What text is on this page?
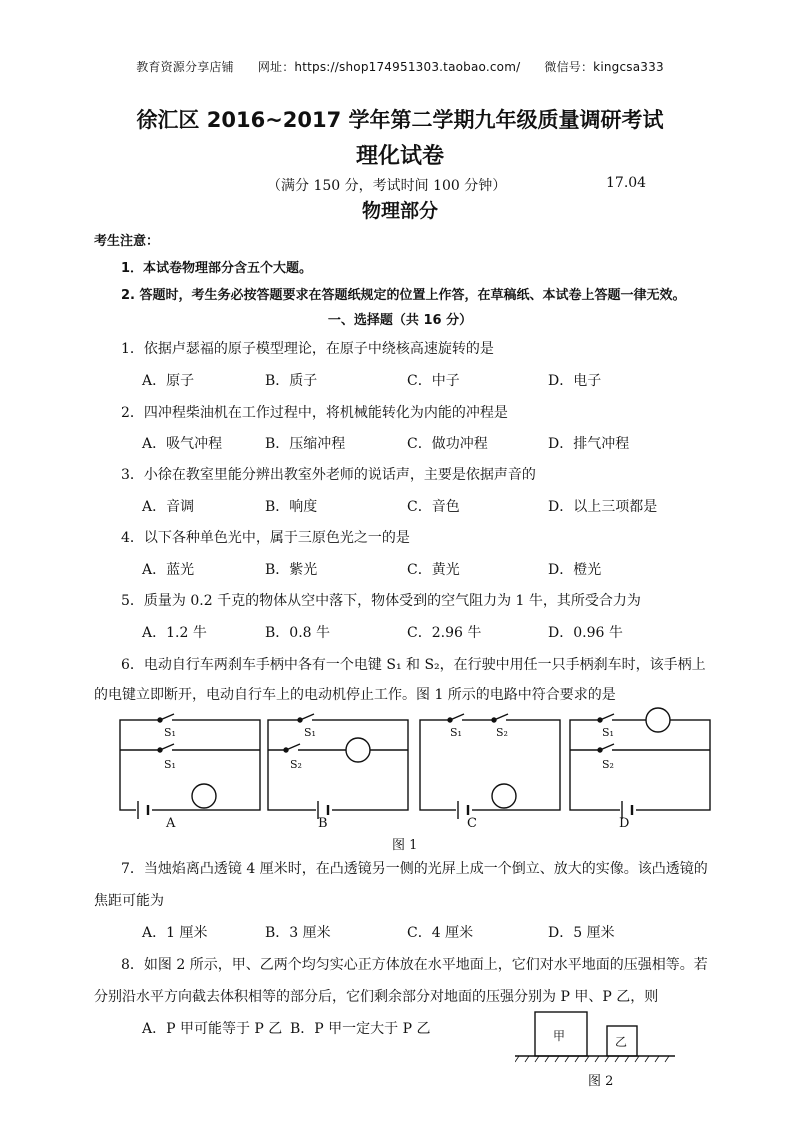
教育资源分享店铺 网址：https://shop174951303.taobao.com/ 微信号：kingcsa333
徐汇区 2016~2017 学年第二学期九年级质量调研考试
理化试卷
（满分 150 分，考试时间 100 分钟）	17.04
物理部分
考生注意：
1．本试卷物理部分含五个大题。
2. 答题时，考生务必按答题要求在答题纸规定的位置上作答，在草稿纸、本试卷上答题一律无效。
一、选择题（共 16 分）
1．依据卢瑟福的原子模型理论，在原子中绕核高速旋转的是
A．原子	B．质子	C．中子	D．电子
2．四冲程柴油机在工作过程中，将机械能转化为内能的冲程是
A．吸气冲程	B．压缩冲程	C．做功冲程	D．排气冲程
3．小徐在教室里能分辨出教室外老师的说话声，主要是依据声音的
A．音调	B．响度	C．音色	D．以上三项都是
4．以下各种单色光中，属于三原色光之一的是
A．蓝光	B．紫光	C．黄光	D．橙光
5．质量为 0.2 千克的物体从空中落下，物体受到的空气阻力为 1 牛，其所受合力为
A．1.2 牛	B．0.8 牛	C．2.96 牛	D．0.96 牛
6．电动自行车两刹车手柄中各有一个电键 S₁ 和 S₂，在行驶中用任一只手柄刹车时，该手柄上
的电键立即断开，电动自行车上的电动机停止工作。图 1 所示的电路中符合要求的是
S₁
S₁
S₁
S₂
S₁	S₂	S₁
S₂
A	B	C	D
图 1
7．当烛焰离凸透镜 4 厘米时，在凸透镜另一侧的光屏上成一个倒立、放大的实像。该凸透镜的
焦距可能为
A．1 厘米	B．3 厘米	C．4 厘米	D．5 厘米
8．如图 2 所示，甲、乙两个均匀实心正方体放在水平地面上，它们对水平地面的压强相等。若
分别沿水平方向截去体积相等的部分后，它们剩余部分对地面的压强分别为 P 甲、P 乙，则
A．P 甲可能等于 P 乙 B．P 甲一定大于 P 乙	甲	乙
图 2
